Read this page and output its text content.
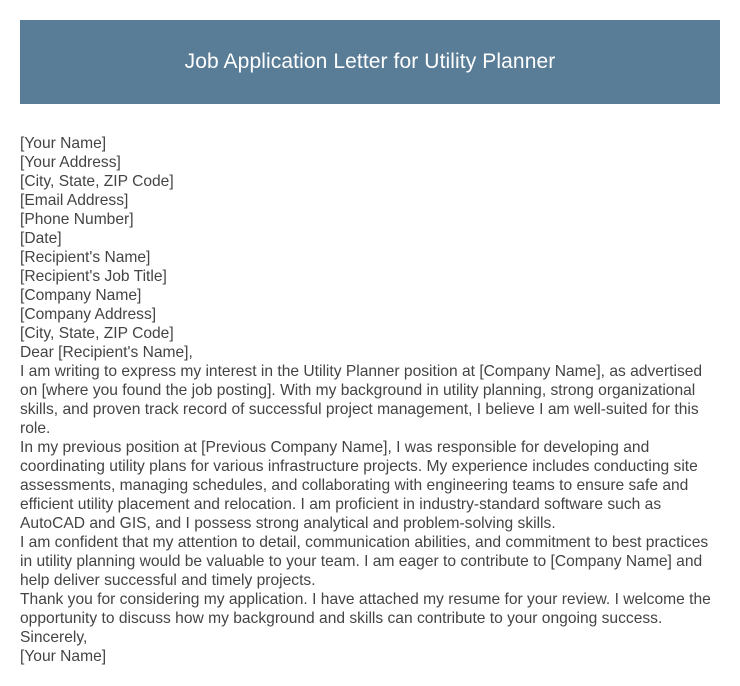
Job Application Letter for Utility Planner
[Your Name]
[Your Address]
[City, State, ZIP Code]
[Email Address]
[Phone Number]
[Date]
[Recipient's Name]
[Recipient's Job Title]
[Company Name]
[Company Address]
[City, State, ZIP Code]
Dear [Recipient's Name],
I am writing to express my interest in the Utility Planner position at [Company Name], as advertised on [where you found the job posting]. With my background in utility planning, strong organizational skills, and proven track record of successful project management, I believe I am well-suited for this role.
In my previous position at [Previous Company Name], I was responsible for developing and coordinating utility plans for various infrastructure projects. My experience includes conducting site assessments, managing schedules, and collaborating with engineering teams to ensure safe and efficient utility placement and relocation. I am proficient in industry-standard software such as AutoCAD and GIS, and I possess strong analytical and problem-solving skills.
I am confident that my attention to detail, communication abilities, and commitment to best practices in utility planning would be valuable to your team. I am eager to contribute to [Company Name] and help deliver successful and timely projects.
Thank you for considering my application. I have attached my resume for your review. I welcome the opportunity to discuss how my background and skills can contribute to your ongoing success.
Sincerely,
[Your Name]
